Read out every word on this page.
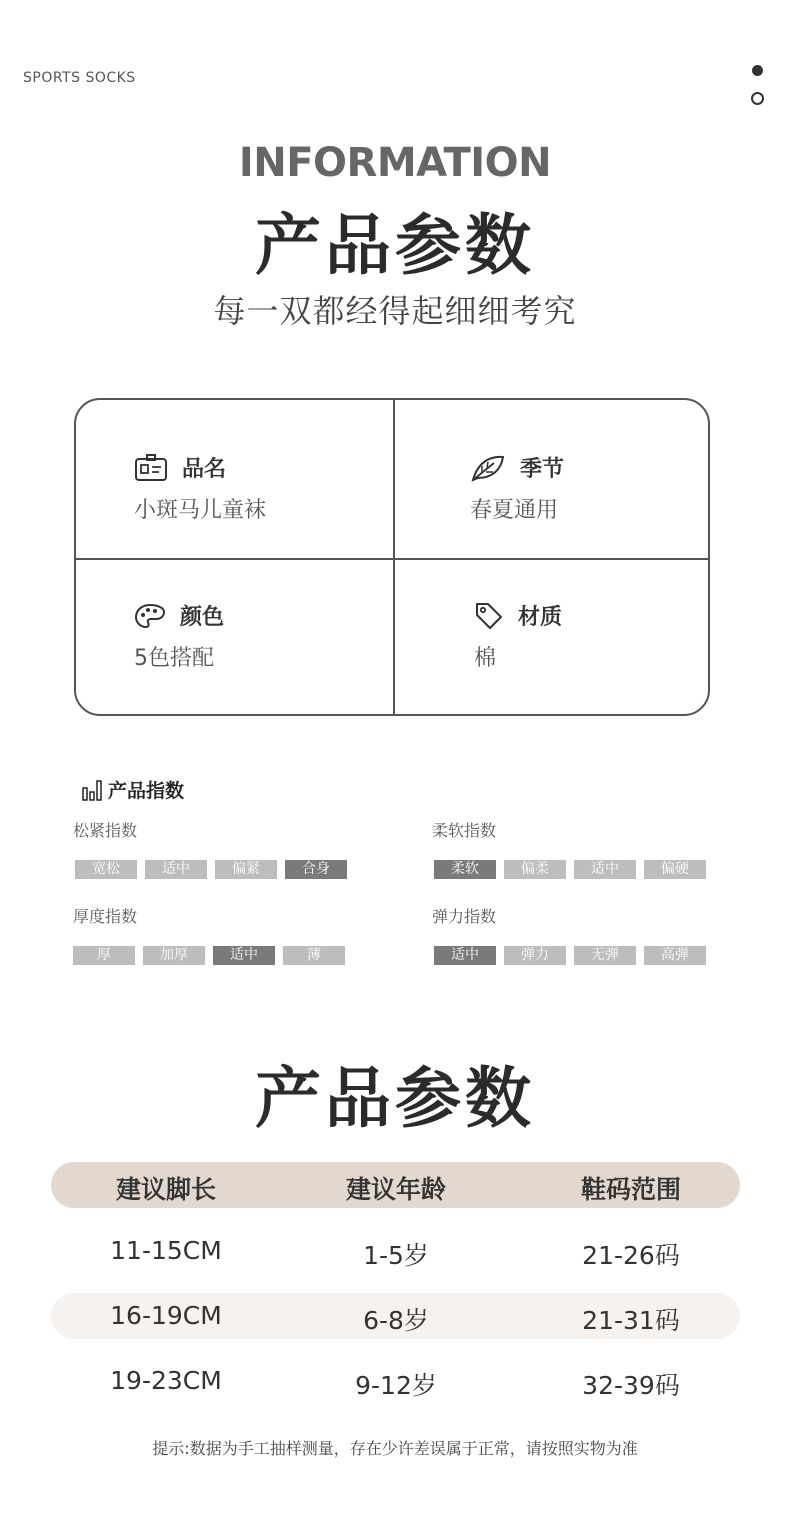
SPORTS SOCKS
INFORMATION
产品参数
每一双都经得起细细考究
品名
小斑马儿童袜
季节
春夏通用
颜色
5色搭配
材质
棉
产品指数
松紧指数
宽松	适中	偏紧	合身
柔软指数
柔软	偏柔	适中	偏硬
厚度指数
厚	加厚	适中	薄
弹力指数
适中	弹力	无弹	高弹
产品参数
建议脚长	建议年龄	鞋码范围
11-15CM	1-5岁	21-26码
16-19CM	6-8岁	21-31码
19-23CM	9-12岁	32-39码
提示:数据为手工抽样测量，存在少许差误属于正常，请按照实物为准
